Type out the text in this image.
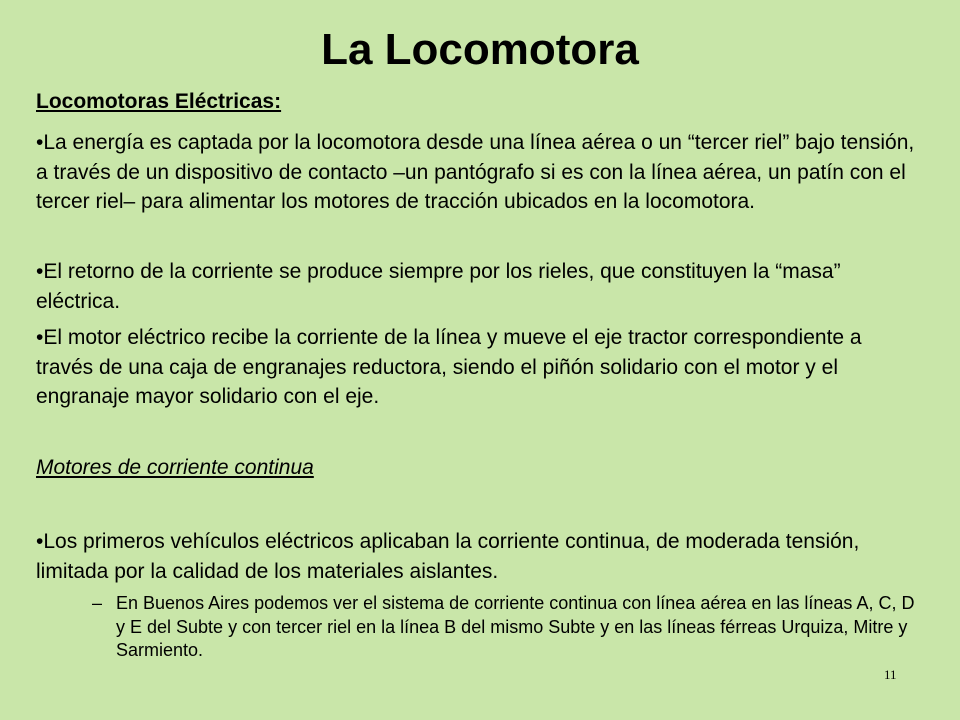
La Locomotora
Locomotoras Eléctricas:
•La energía es captada por la locomotora desde una línea aérea o un “tercer riel” bajo tensión, a través de un dispositivo de contacto –un pantógrafo si es con la línea aérea, un patín con el tercer riel– para alimentar los motores de tracción ubicados en la locomotora.
•El retorno de la corriente se produce siempre por los rieles, que constituyen la “masa” eléctrica.
•El motor eléctrico recibe la corriente de la línea y mueve el eje tractor correspondiente a través de una caja de engranajes reductora, siendo el piñón solidario con el motor y el engranaje mayor solidario con el eje.
Motores de corriente continua
•Los primeros vehículos eléctricos aplicaban la corriente continua, de moderada tensión, limitada por la calidad de los materiales aislantes.
– En Buenos Aires podemos ver el sistema de corriente continua con línea aérea en las líneas A, C, D y E del Subte y con tercer riel en la línea B del mismo Subte y en las líneas férreas Urquiza, Mitre y Sarmiento.
11
